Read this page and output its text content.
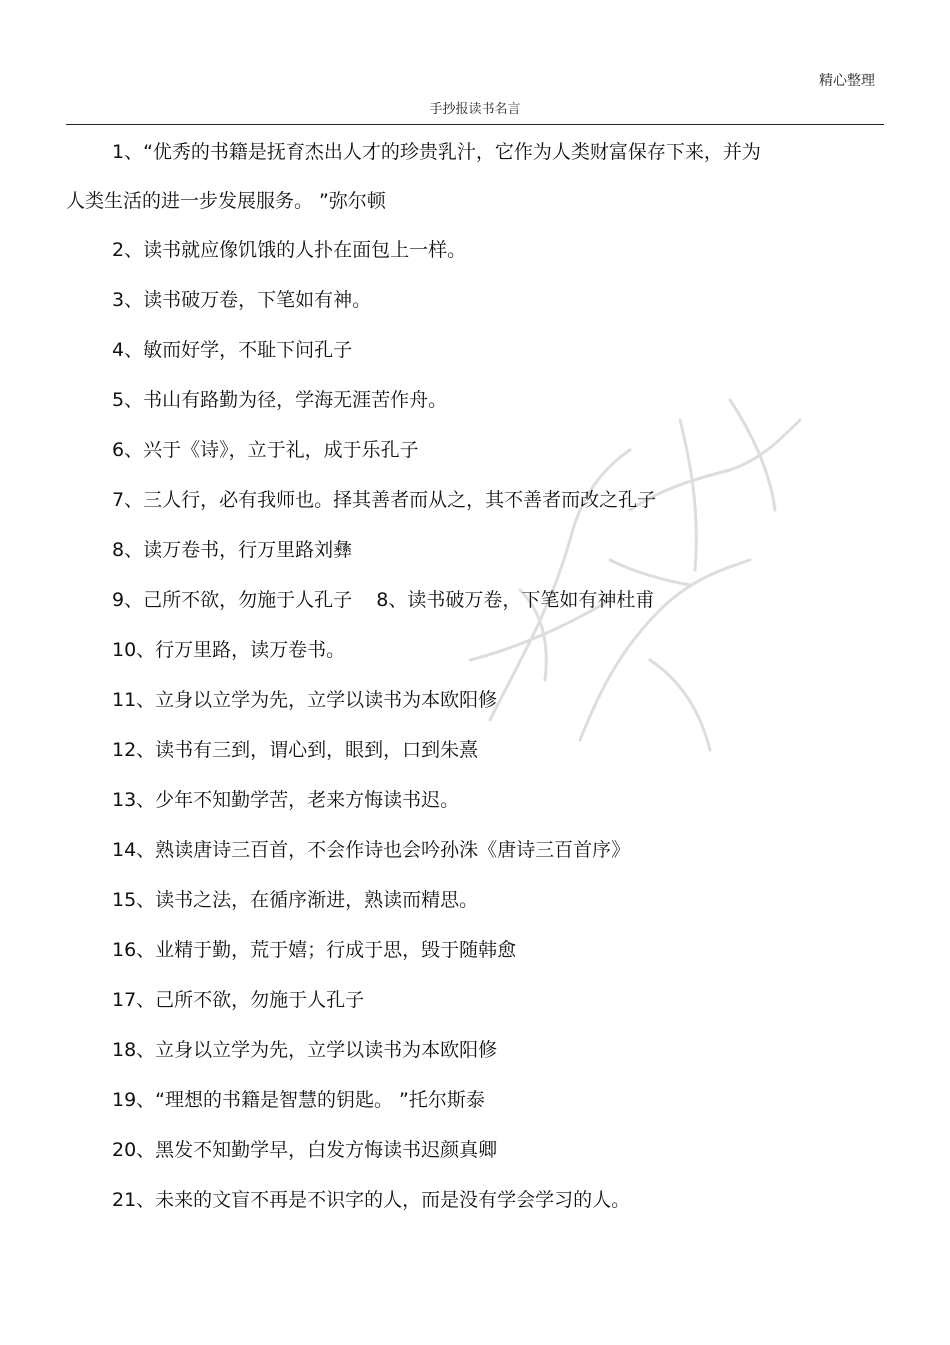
精心整理
手抄报读书名言
1、“优秀的书籍是抚育杰出人才的珍贵乳汁，它作为人类财富保存下来，并为
人类生活的进一步发展服务。 ”弥尔顿
2、读书就应像饥饿的人扑在面包上一样。
3、读书破万卷，下笔如有神。
4、敏而好学，不耻下问孔子
5、书山有路勤为径，学海无涯苦作舟。
6、兴于《诗》，立于礼，成于乐孔子
7、三人行，必有我师也。择其善者而从之，其不善者而改之孔子
8、读万卷书，行万里路刘彝
9、己所不欲，勿施于人孔子    8、读书破万卷，下笔如有神杜甫
10、行万里路，读万卷书。
11、立身以立学为先，立学以读书为本欧阳修
12、读书有三到，谓心到，眼到，口到朱熹
13、少年不知勤学苦，老来方悔读书迟。
14、熟读唐诗三百首，不会作诗也会吟孙洙《唐诗三百首序》
15、读书之法，在循序渐进，熟读而精思。
16、业精于勤，荒于嬉；行成于思，毁于随韩愈
17、己所不欲，勿施于人孔子
18、立身以立学为先，立学以读书为本欧阳修
19、“理想的书籍是智慧的钥匙。 ”托尔斯泰
20、黑发不知勤学早，白发方悔读书迟颜真卿
21、未来的文盲不再是不识字的人，而是没有学会学习的人。
